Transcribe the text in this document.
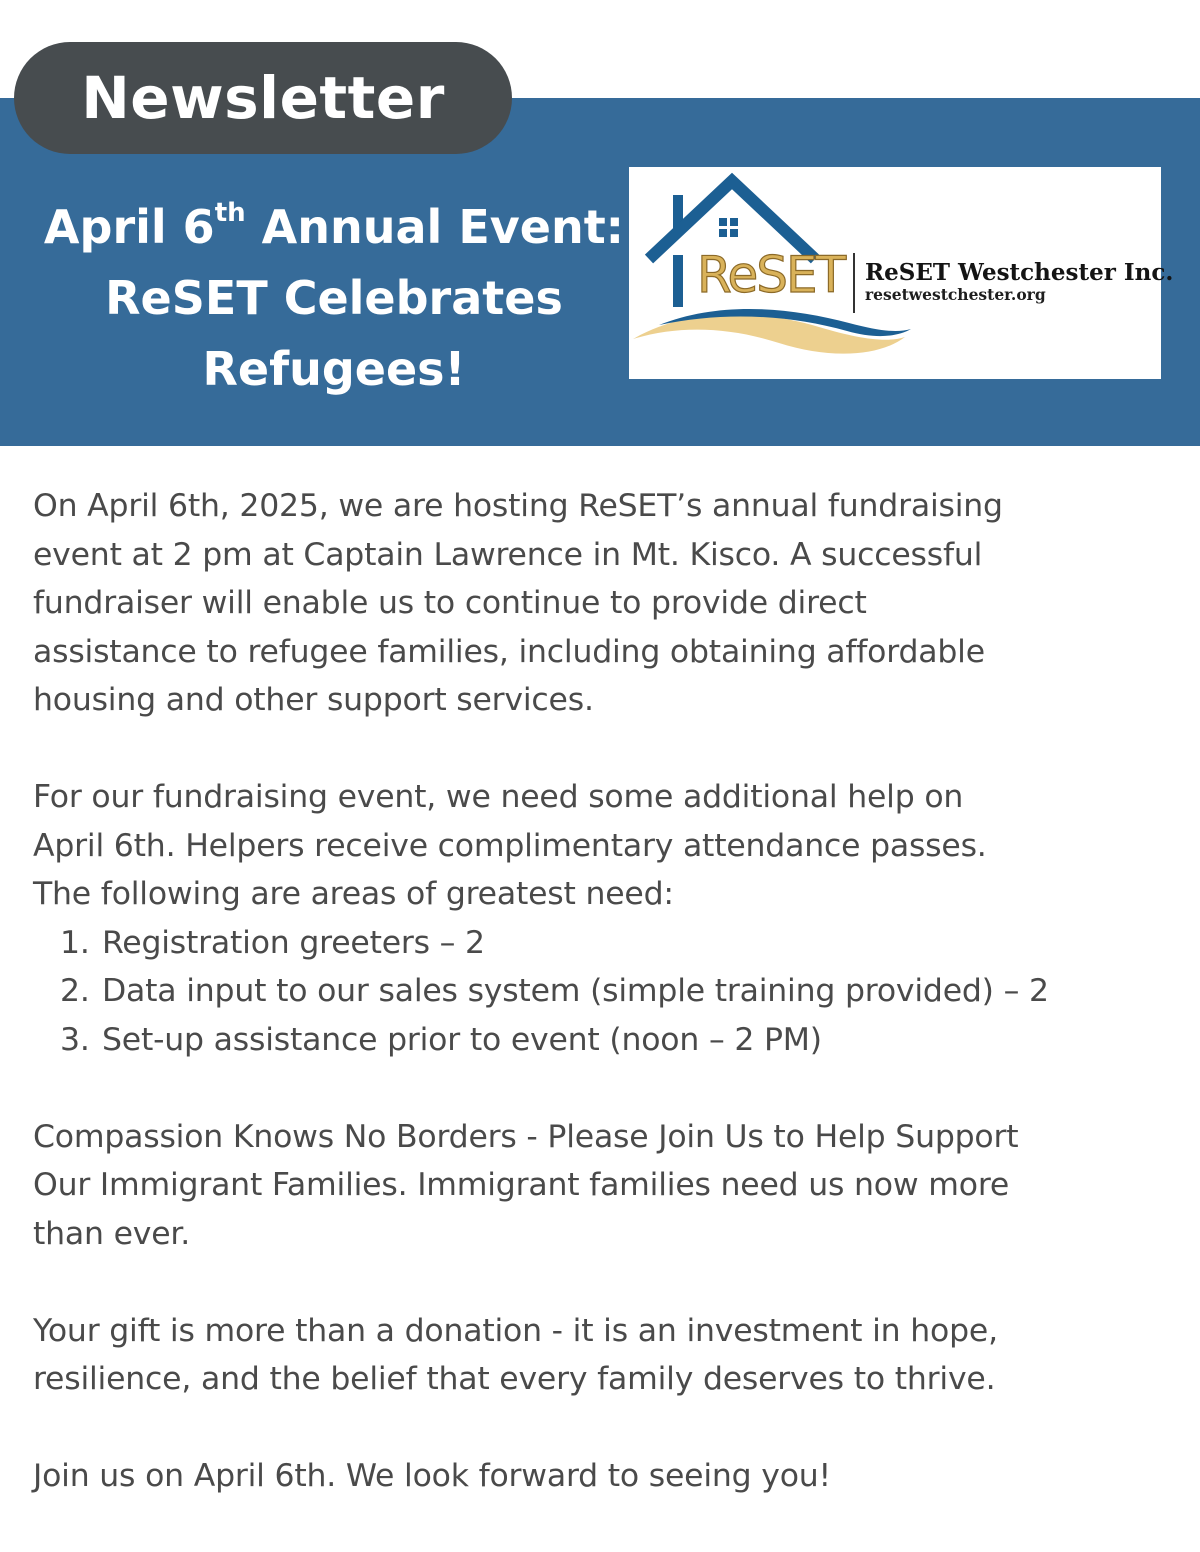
Newsletter
April 6th Annual Event:
ReSET Celebrates
Refugees!
ReSET ReSET Westchester Inc.
resetwestchester.org
On April 6th, 2025, we are hosting ReSET’s annual fundraising
event at 2 pm at Captain Lawrence in Mt. Kisco. A successful
fundraiser will enable us to continue to provide direct
assistance to refugee families, including obtaining affordable
housing and other support services.
For our fundraising event, we need some additional help on
April 6th. Helpers receive complimentary attendance passes.
The following are areas of greatest need:
1. Registration greeters – 2
2. Data input to our sales system (simple training provided) – 2
3. Set-up assistance prior to event (noon – 2 PM)
Compassion Knows No Borders - Please Join Us to Help Support
Our Immigrant Families. Immigrant families need us now more
than ever.
Your gift is more than a donation - it is an investment in hope,
resilience, and the belief that every family deserves to thrive.
Join us on April 6th. We look forward to seeing you!
